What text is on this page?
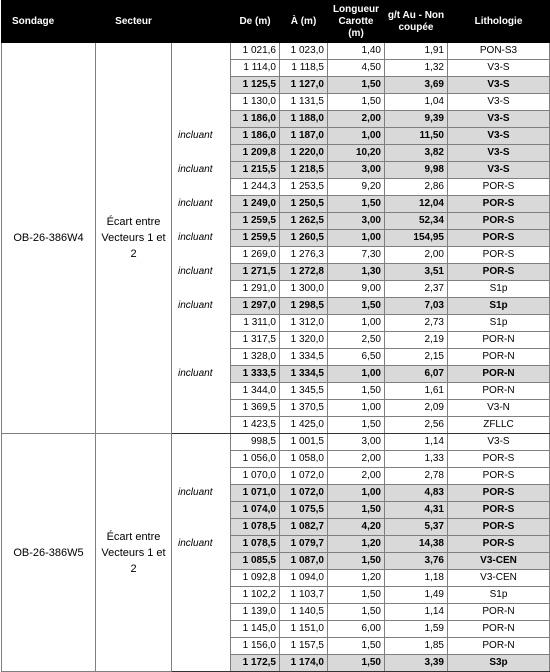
Sondage	Secteur		De (m)	À (m)	Longueur Carotte (m)	g/t Au - Non coupée	Lithologie
OB-26-386W4	Écart entre Vecteurs 1 et 2		1 021,6	1 023,0	1,40	1,91	PON-S3
			1 114,0	1 118,5	4,50	1,32	V3-S
			1 125,5	1 127,0	1,50	3,69	V3-S
			1 130,0	1 131,5	1,50	1,04	V3-S
			1 186,0	1 188,0	2,00	9,39	V3-S
		incluant	1 186,0	1 187,0	1,00	11,50	V3-S
			1 209,8	1 220,0	10,20	3,82	V3-S
		incluant	1 215,5	1 218,5	3,00	9,98	V3-S
			1 244,3	1 253,5	9,20	2,86	POR-S
		incluant	1 249,0	1 250,5	1,50	12,04	POR-S
			1 259,5	1 262,5	3,00	52,34	POR-S
		incluant	1 259,5	1 260,5	1,00	154,95	POR-S
			1 269,0	1 276,3	7,30	2,00	POR-S
		incluant	1 271,5	1 272,8	1,30	3,51	POR-S
			1 291,0	1 300,0	9,00	2,37	S1p
		incluant	1 297,0	1 298,5	1,50	7,03	S1p
			1 311,0	1 312,0	1,00	2,73	S1p
			1 317,5	1 320,0	2,50	2,19	POR-N
			1 328,0	1 334,5	6,50	2,15	POR-N
		incluant	1 333,5	1 334,5	1,00	6,07	POR-N
			1 344,0	1 345,5	1,50	1,61	POR-N
			1 369,5	1 370,5	1,00	2,09	V3-N
			1 423,5	1 425,0	1,50	2,56	ZFLLC
OB-26-386W5	Écart entre Vecteurs 1 et 2		998,5	1 001,5	3,00	1,14	V3-S
			1 056,0	1 058,0	2,00	1,33	POR-S
			1 070,0	1 072,0	2,00	2,78	POR-S
		incluant	1 071,0	1 072,0	1,00	4,83	POR-S
			1 074,0	1 075,5	1,50	4,31	POR-S
			1 078,5	1 082,7	4,20	5,37	POR-S
		incluant	1 078,5	1 079,7	1,20	14,38	POR-S
			1 085,5	1 087,0	1,50	3,76	V3-CEN
			1 092,8	1 094,0	1,20	1,18	V3-CEN
			1 102,2	1 103,7	1,50	1,49	S1p
			1 139,0	1 140,5	1,50	1,14	POR-N
			1 145,0	1 151,0	6,00	1,59	POR-N
			1 156,0	1 157,5	1,50	1,85	POR-N
			1 172,5	1 174,0	1,50	3,39	S3p
